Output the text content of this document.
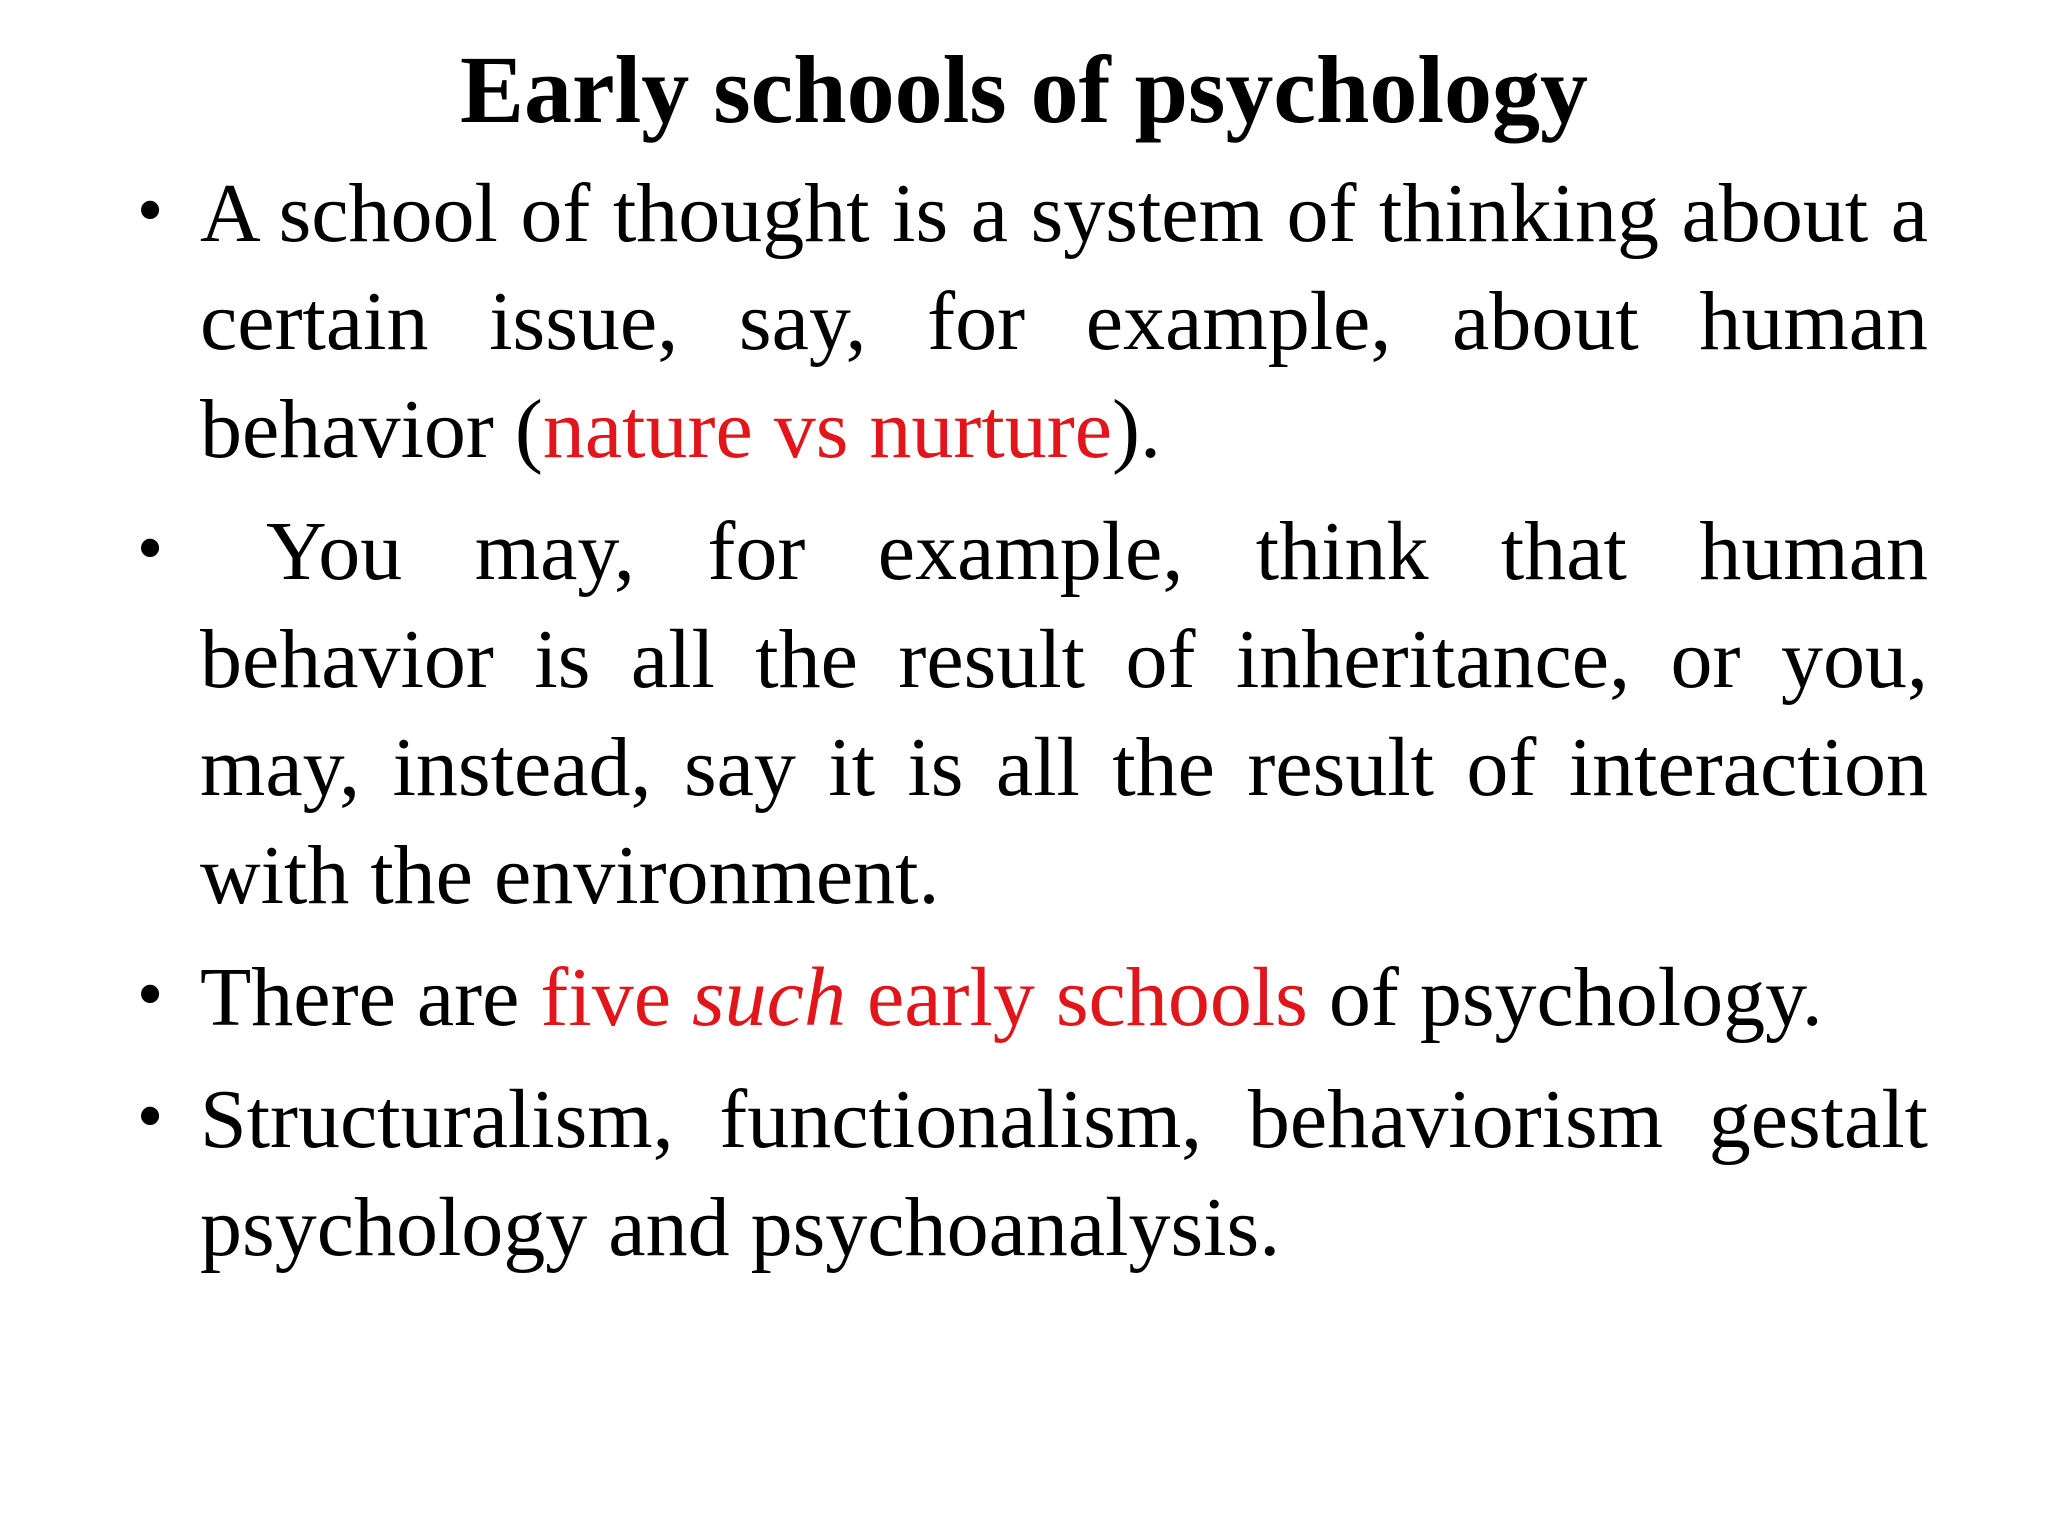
Early schools of psychology
• A school of thought is a system of thinking about a certain issue, say, for example, about human behavior (nature vs nurture).
•	You may, for example, think that human behavior is all the result of inheritance, or you, may, instead, say it is all the result of interaction with the environment.
• There are five such early schools of psychology.
• Structuralism, functionalism, behaviorism gestalt psychology and psychoanalysis.
